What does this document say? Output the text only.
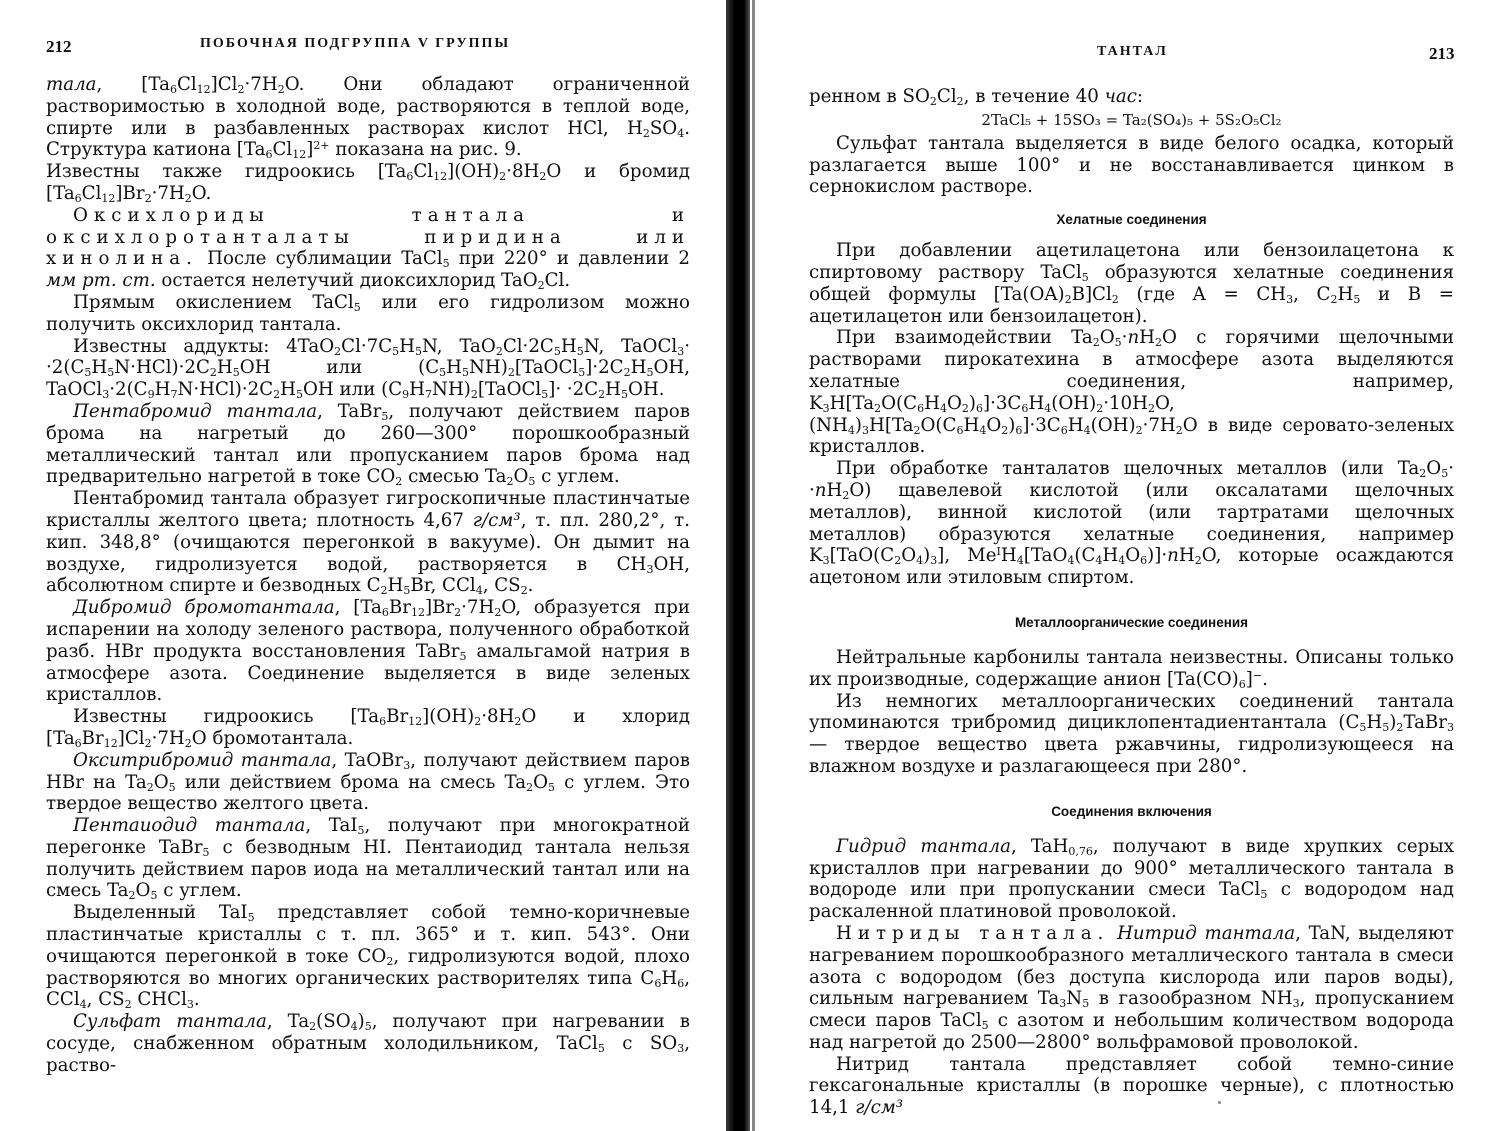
212	ПОБОЧНАЯ ПОДГРУППА V ГРУППЫ

тала, $[Ta_6Cl_{12}]Cl_2\cdot 7H_2O$. Они обладают ограниченной растворимостью в холодной воде, растворяются в теплой воде, спирте или в разбавленных растворах кислот HCl, $H_2SO_4$. Структура катиона $[Ta_6Cl_{12}]^{2+}$ показана на рис. 9.

Известны также гидроокись $[Ta_6Cl_{12}](OH)_2\cdot 8H_2O$ и бромид $[Ta_6Cl_{12}]Br_2\cdot 7H_2O$.

Оксихлориды тантала и оксихлоротанталаты пиридина или хинолина. После сублимации TaCl$_5$ при 220° и давлении 2 мм рт. ст. остается нелетучий диоксихлорид TaO$_2$Cl.

Прямым окислением TaCl$_5$ или его гидролизом можно получить оксихлорид тантала.

Известны аддукты: $4TaO_2Cl\cdot 7C_5H_5N$, $TaO_2Cl\cdot 2C_5H_5N$, TaOCl$_3$· $\cdot 2(C_5H_5N\cdot HCl)\cdot 2C_2H_5OH$ или $(C_5H_5NH)_2[TaOCl_5]\cdot 2C_2H_5OH$, $TaOCl_3\cdot 2(C_9H_7N\cdot HCl)\cdot 2C_2H_5OH$ или $(C_9H_7NH)_2[TaOCl_5]\cdot \cdot 2C_2H_5OH$.

Пентабромид тантала, TaBr$_5$, получают действием паров брома на нагретый до 260—300° порошкообразный металлический тантал или пропусканием паров брома над предварительно нагретой в токе $CO_2$ смесью $Ta_2O_5$ с углем.

Пентабромид тантала образует гигроскопичные пластинчатые кристаллы желтого цвета; плотность 4,67 г/см³, т. пл. 280,2°, т. кип. 348,8° (очищаются перегонкой в вакууме). Он дымит на воздухе, гидролизуется водой, растворяется в $CH_3OH$, абсолютном спирте и безводных $C_2H_5Br$, CCl$_4$, $CS_2$.

Дибромид бромотантала, $[Ta_6Br_{12}]Br_2\cdot 7H_2O$, образуется при испарении на холоду зеленого раствора, полученного обработкой разб. HBr продукта восстановления TaBr$_5$ амальгамой натрия в атмосфере азота. Соединение выделяется в виде зеленых кристаллов.

Известны гидроокись $[Ta_6Br_{12}](OH)_2\cdot 8H_2O$ и хлорид $[Ta_6Br_{12}]Cl_2\cdot 7H_2O$ бромотантала.

Окситрибромид тантала, TaOBr$_3$, получают действием паров HBr на $Ta_2O_5$ или действием брома на смесь $Ta_2O_5$ с углем. Это твердое вещество желтого цвета.

Пентаиодид тантала, TaI$_5$, получают при многократной перегонке TaBr$_5$ с безводным HI. Пентаиодид тантала нельзя получить действием паров иода на металлический тантал или на смесь $Ta_2O_5$ с углем.

Выделенный TaI$_5$ представляет собой темно-коричневые пластинчатые кристаллы с т. пл. 365° и т. кип. 543°. Они очищаются перегонкой в токе $CO_2$, гидролизуются водой, плохо растворяются во многих органических растворителях типа $C_6H_6$, CCl$_4$, $CS_2$ CHCl$_3$.

Сульфат тантала, $Ta_2(SO_4)_5$, получают при нагревании в сосуде, снабженном обратным холодильником, TaCl$_5$ с $SO_3$, раство-

ТАНТАЛ	213

ренном в $SO_2Cl_2$, в течение 40 час:

2TaCl₅ + 15SO₃ = Ta₂(SO₄)₅ + 5S₂O₅Cl₂

Сульфат тантала выделяется в виде белого осадка, который разлагается выше 100° и не восстанавливается цинком в сернокислом растворе.

Хелатные соединения

При добавлении ацетилацетона или бензоилацетона к спиртовому раствору TaCl$_5$ образуются хелатные соединения общей формулы $[Ta(OA)_2B]Cl_2$ (где $A = CH_3$, $C_2H_5$ и B = ацетилацетон или бензоилацетон).

При взаимодействии $Ta_2O_5\cdot nH_2O$ с горячими щелочными растворами пирокатехина в атмосфере азота выделяются хелатные соединения, например, $K_3H[Ta_2O(C_6H_4O_2)_6]\cdot 3C_6H_4(OH)_2\cdot 10H_2O$, $(NH_4)_3H[Ta_2O(C_6H_4O_2)_6]\cdot 3C_6H_4(OH)_2\cdot 7H_2O$ в виде серовато-зеленых кристаллов.

При обработке танталатов щелочных металлов (или $Ta_2O_5\cdot \cdot nH_2O$) щавелевой кислотой (или оксалатами щелочных металлов), винной кислотой (или тартратами щелочных металлов) образуются хелатные соединения, например $K_3[TaO(C_2O_4)_3]$, $Me^IH_4[TaO_4(C_4H_4O_6)]\cdot nH_2O$, которые осаждаются ацетоном или этиловым спиртом.

Металлоорганические соединения

Нейтральные карбонилы тантала неизвестны. Описаны только их производные, содержащие анион $[Ta(CO)_6]^-$.

Из немногих металлоорганических соединений тантала упоминаются трибромид дициклопентадиентантала $(C_5H_5)_2TaBr_3$ — твердое вещество цвета ржавчины, гидролизующееся на влажном воздухе и разлагающееся при 280°.

Соединения включения

Гидрид тантала, TaH$_{0,76}$, получают в виде хрупких серых кристаллов при нагревании до 900° металлического тантала в водороде или при пропускании смеси TaCl$_5$ с водородом над раскаленной платиновой проволокой.

Нитриды тантала. Нитрид тантала, TaN, выделяют нагреванием порошкообразного металлического тантала в смеси азота с водородом (без доступа кислорода или паров воды), сильным нагреванием $Ta_3N_5$ в газообразном $NH_3$, пропусканием смеси паров TaCl$_5$ с азотом и небольшим количеством водорода над нагретой до 2500—2800° вольфрамовой проволокой.

Нитрид тантала представляет собой темно-синие гексагональные кристаллы (в порошке черные), с плотностью 14,1 г/см³
